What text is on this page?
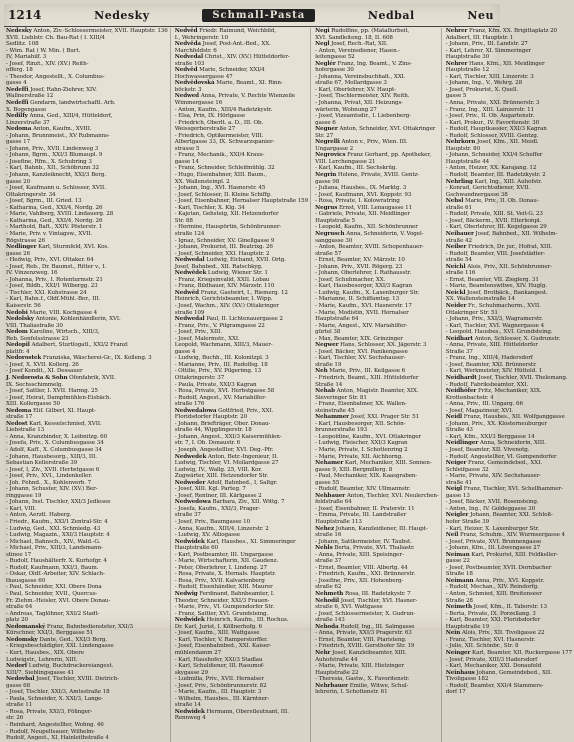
1214	Nedesky	Schmall-Pasta	Nedbal	Neu

Nedesky Anton, Ziv.-Schlossermeister, XVII. Hauptstr. 136

XVII. Lieblstr. Ch. Bau-Rat ( I. XIII/4

Sedlitz. 108

- Wim. Rat ( W. Min. ( Burt.

IV, Mariahilf. 3

- Josef, Rinzt., XIV. (XV.) Reith-

offerg. 18

- Theodor, Angestellt., X. Columbus-

gasse 4

Nedeffi Josef, Rahn-Ziehrer, XIV.

Wallnerstraße 12

Nedeffi Gendarm, landwirtschaftl. Arb.

X. Bogengasse

Nedilfy Anna, Ged., XIII/4, Hütteldorf,

Linzerstraße 37

Nedoma Anton, Kaufm., XVIII.

- Johann, Brunnmeist., XV Rubmanns-

gasse 17

- Johann, Priv., XVII. Lindenweg 3

- Johann, Bgrm., XXI/3 Blumaupl. 9

- Josefine, Rfm., X. Schubring 3

- Karl, Bahnb., XII., Schöbrunn 32

- Johann, Kanzleiknecht, XXI/3 Berg.

gasse 20

- Josef, Kaufmann u. Schlosser, XVII.

Ottakringerstr. 34

- Josef, Bgrm., III. Gried. 13

- Katharina, Ged., XXI/4, Nordg. 26

- Marie, Vahlberg, XVIII. Lindauerg. 28

- Katharina, Ged., XXI/4, Nordg. 26

- Marthold, Baft., XXIV. Pösterstr. 1

- Marie, Priv. v. Vintagsw., XVII.

Rögstrasse 26

Nedlinger Karl, Sturmfeld, XVI. Kos.

gasse 26

- Hedwig, Priv., XVI. Ottaker. 64

- Josef, Reb., Dr. Baumst., Ritter v., I.

IV. Vinzenzweg. 16

- Johanna, Priv., I. Rotenturmstr. 21

- Josef, Bildh., XXI/1 Wilbergg. 23

- Tischler, XXI. Kuhstrasse 24

- Karl, Bahn.f., Oldf.Mühl.-Ber., III.

Kaiserstr. 56

Nedobi Marie, VIII. Kochgasse 4

Nedolsky Antonie, Kohlenhändlerin, XVI.

VIII. Thaliastraße 30

Nedom Karoline, Wirtsch., XIII/3,

Reb. Sonfelsstrasse 23

Nedopil Adalbert, Sturtlogatl., XXI/2 Franzl

plattfr. 4

Nedorostek Franziska, Wäscherei-Gr., IX. Kolleng. 3

- Josef, X. XVII. Kollerg. 26

- Josef Kondit., XI. Dessauer

J. Nedorosta & Sohn Ofenfabrik, XVII.

IX. Sechsschimmelg.

- Josef, Sattler, I. XVII. Harmg. 25

- Josef, Heirat, Dampfmühlen-Eisbäch.

XIII. Kollergasse 50

Nedoma Elif. Gilberl, XI. Haupt-

straße 17

Nedost Karl, Kesselschmied, XVII.

Liebstraße 13

- Anna, Kranzbinder, X. Leibnitzg. 60

- Josefa, Priv., X. Columbusgasse 34

- Adolf, Kaff., X. Columbusgasse 34

- Johann, Hausbesorg., XIII/3, III.

Sebastian Kellerstraße 39

- Josef, I, Ziv., XVII. Herbstgasse 6

- Josef, Priv., XVI., Lindenkeller.

- Joh. Fehnd., X., Kohlenverb. 7

- Johann, Schuster, XIV. (XV.) Ber-

ringgasse 19

- Johann, Inst. Tischler, XXI/3 Jedlesee

- Karl, VIII.

- Anton, Aerztl. Haberg.

- Friedr., Kaufm., XXI/1 Zentral-Str. 4

- Ludwig, Ged., XXI. Schmiedg. 43

- Ludwig, Magazin., XXI/3 Hauptstr. 4

- Michael, Bahnsch., XIV., Wald.-G.

- Michael, Priv., XIII/3, Landsmann-

stinee 17

- Rudolf, Haushälterfr. X. Kurhofgr. 4

- Rudolf, Kaufmann, XXI/3, Baum.

- Oskar, Oldf.-Arbeiter, XIV. Schlach-

thausgasse 60

- Paul, Schneider, XXI. Obere Dona

- Paul, Schneider, XVII., Quercus-

Fr. Ziehm.-Heisler, XVI. Obere Donau-

straße 64

- Andreas, Taglöhner, XXI/2 Stadt-

platz 20

Nedomanský Franz, Bahnbediensteter, XXI/3

Kürschner, XXI/3, Berggasse 51

Nedomsky Dante, Ged., XXI/3 Berg.

- Kriegsbeschädigter, XXI. Lindengasse

- Kurt, Hausbes., XIX. Obere

Ludwigstr., Lehrerin, XIII.

Nedorf Ludwig, Buchdruckereiangest.

XIII/7, Sieblingsgasse 41

Nedovbal Josef, Tischler, XVIII. Dietrich-

gasse 68

- Josef, Tischler, XXI/3, Amtsstraße 18

- Paula, Schneider, X. XXI/3, Lange-

straße 11

- Rosa, Private, XXI/3, Fölinger-

str. 26

- Reinhard, Angestellter, Wohng. 46

- Rudolf, Neupeltsauer, Wilhelm-

Rudolf, Angest., XI, Hainleithstraße 4

Nedvěd Friedr. Raimund, Weichbild,

I., Wehringerstr. 10

Nedvěda Josef, Post-Ant.-Bed., XX.

Marchfeldstr. 6

Nedvedal Christ., XIV. (XV.) Hütteldorfer-

straße 103

Nedvěd Marie, Schneider, XXI/4

Hochwassergasse 47

Nedvědovská Marie, Beamt., XI. Rinn-

böckstr. 3

Nedwed Anna, Private, V. Rechte Wienzeile

Wimmergasse 16

- Anton, Kaufm., XIII/4 Radetzkystr.

- Elsa, Prin, IX. Hörlgasse

- Friedrich, Oberlt. a. D., III. Ob.

Weissgerberstraße 27

- Friedrich, Optikermeister, VIII.

Albertgasse 33, IX. Schwarzspanier-

strasse 5

- Franz, Mechanik., XXI/4 Kraus-

gasse 14

- Franz, Schneider, Schleifmühlg. 32

- Hugo, Eisenbahner, XIII. Baum.,

XX. Wallensteinpl. 2

- Johann, Ing., XVI. Hasnerstr. 45

- Josef, Schlosser, II. Kleine Schiffg.

- Josef, Eisenbahner, Hernalser Hauptstraße 159

- Karl, Tischler, X. Klg. 34

- Kajetan, Gehsteig, XII. Hetzendorfer

Str. 88

- Hermine, Hauspörtin, Schönbrunner-

straße 124

- Ignaz, Schneider, XV. Ginellgasse 9

- Johann, Prokurist, III. Beatrixg. 26

- Josef, Schneider, XXI. Hauptstr. 2

Nedwedal Ludwig, Eichamt, XVII. Ortg.

Josef, Bahnbed., XII. Ratschkyg.

Nedwědek Ludwig, Wiener Str. 1

- Franz, Kriegsinvalid, XXII. Lobau

- Franz, Bildhauer, XIV. Märzstr. 110

Nedwěd Franz, Gastwirt, I., Riemerg. 12

Heinrich, Gerichtsbeamter, I. Wipp.

- Josef, Wachm., XIV. (XV.) Ottakringer

straße 109

Nedwedal Paul, II. Lichtenauergasse 2

- Franz, Priv., V. Pilgramgasse 22

- Josef, Priv., XIII.

- Josef, Malermstr., XXI.

Leopold, Wachmann, XIII/3, Mauer-

gasse 4

- Ludwig, Buchh., III. Kolonitzpl. 3

- Marianne, Priv., III. Rudolfsg. 18

- Ottilie, Priv., XV. Pilgerimg. 13

Ottakringerstr. 37

- Paula, Private, XXI/3 Kagran

- Rosa, Private, XVI. Herbstgasse 58

- Rudolf, Angest., XV. Mariahilfer-

straße 176

Nedwedalowa Gottfried, Priv., XXI.

Floridsdorfer Hauptstr. 20

- Johann, Briefträger, Ober. Donau-

straße 44, Wipplingerstr. 18

- Johann, Angest., XXI/3 Kaisermühlen-

str. 7, I. Ob. Donaustr. 6

- Joseph, Angestellter, XVI. Deg.-Pfr.

Nedwedek Anton, Betr.-Ingeniеur, II.

Ludwig, Tischler, VI. Mollardgasse 27

Ludwig, IV., Wallg. 25, VIII. Kor.

Zugwärter, XIII. Hetzendorfer Str.

Nedweder Adolf, Bahnbed., I, Saltgr.

- Josef, XIII. Kgl. Parteg. 7

- Josef, Rentner, III. Kärlgasse 2

Nedwedowa Barbara, Ziv., XII. Wittg. 7

- Josefa, Kaufm., XXI/3, Prager-

straße 37

- Josef, Priv., Baumgasse 10

- Anna, Kaufm., XIII/4, Linzerstr. 2

- Ludwig, XV. Alliogasse

Nedwidek Karl, Hausbes., XI. Simmeringer

Hauptstraße 60

- Karl, Postbeamter, III. Ungargasse

- Marie, Wirtschafterin, XII. Gaudenz.

- Peter, Oberlehrer, I. Lindeng. 27

- Rosa, Private, X. Hernals. Hauptstr.

- Rosa, Priv., XVII. Kalvarienberg

- Rudolf, Eisenhändler, XIII. Maurer

Nedwig Ferdinand, Bahnbeamter, I.

Theodor, Schneider, XXI/3 Frauen-

- Marie, Priv., VI. Gumpendorfer Str.

- Franz, Sattler, XVI. Grundsteing.

Nedwidek Heinrich, Kaufm., III. Rochus.

Dr. Karl, Jurist, I. Köllnerhofg. 6

- Josef, Kaufm., XIII. Wattgasse

- Karl, Tischler, V. Ramperstorffer.

- Josef, Eisenbahnbed., XXI. Kaiser-

mühlendamm 27

- Karl, Haushofer, XXI/3 Stadlau

- Karl, Schuldiener, III. Rasumof-

skygasse 29

- Ludmilla, Priv., XVII. Hernalser

- Josef, Priv., Schönbrunnerstr. 82

- Marie, Kaufm., III. Hauptstr. 3

- Wilhelm, Hausbes., III. Kärntner-

straße 14

Nedwidek Hermann, Oberstleutnant, III.

Rennweg 4

Negi Rudolfine, pp. (Matallurbeit,

XVI. Sandleiteng. 18, II. 608

Negl Josef, Rech.-Rat, XII.

- Anton, Vereinsdiener, Hasen.-

leitengasse 52

Neglér Franz, Ing. Beamt., V. Zins-

hofergasse 30

- Johanna, Vereinsbuchhalt., XXI.

straße 67, Mollardgasse 3

- Karl, Oberlehrer, XV. Haupt-

- Josef, Tischlermeister, XIV. Reith.

- Johanna, Privat, XII. Heizungs-

wärterin, Wohnung 27

- Josef, Vizeamtsdir., I. Liebenberg-

gasse 6

Negner Anton, Schneider, XVI. Ottakringer

Str. 27

Negrelli Anton v., Priv., Wien. III.

Ungargasse 2

Negrovics Franz Gerhard, pp. Apotheker,

VIII. Lerchengasse 21

- Karl, Kaufm., III. Sechskrüg.

Negrin Helene, Private, XVIII. Gentz-

gasse 98

- Juliana, Hausbes., IX. Marktg. 3

- Josef, Kaufmann, XVI. Koppstr. 93

- Rosa, Private, I. Kolowratring

Negrus Ernst, VIII. Lenaugasse 11

- Gabriele, Private, XII. Meidlinger

Hauptstraße 5

- Leopold, Kaufm., XII. Schönbrunner

Negrusch Anna, Schneiderin, V. Vogel-

sanggasse 30

- Anton, Beamter, XVIII. Schopenhauer-

straße 57

- Ernst, Beamter, XV. Märzstr. 10

- Johann, Priv., XVII. Rögerg. 23

- Johann, Oberlehrer, I. Rathausstr.

- Josef, Schuhmacher, XX.

- Karl, Hausbesorger, XXI/3 Kagran

- Ludwig, Kaufm., X. Laxenburger Str.

- Marianne, II. Schiffamtsg. 13

- Marie, Kaufm., XVI. Hasnerstr. 17

- Marie, Modistin, XVII. Hernalser

Hauptstraße 64

- Marie, Angest., XIV. Mariahilfer-

gürtel 38

- Max, Beamter, XIX. Grinzinger

Negwer Hans, Schlosser, XX. Jägerstr. 3

- Josef, Bäcker, XVI. Panikengasse

- Karl, Tischler, XV. Sechshauser-

straße 19

Neh Marie, Priv., III. Keilgasse 6

- Friedrich, Beamt., XIII. Hütteldorfer

Straße 14

Nehab Anton, Magistr. Beamter, XIX.

Sieveringer Str. 81

- Franz, Eisenbahner, XX. Wallen-

steinstraße 45

Nehammer Josef, XXI. Prager Str. 51

- Karl, Hausbesorger, XII. Schön-

brunnerstraße 193

- Leopoldine, Kaufm., XVI. Ottakringer

- Ludwig, Fleischer, XXI/3 Kagran

- Marie, Private, I. Schottenring 2

- Marie, Private, XII. Aichhorng.

Nehamer Karl, Mechaniker, XIII. Sonnen-

gasse 9, XIII. Bergmillerg. 8

- Paul, Mechaniker, XIX. Kaasgraben-

gasse 55

- Rudolf, Beamter, XIV. Ullmannstr.

Nehbauer Anton, Tischler, XVI. Neulerchen-

feldstraße 64

- Josef, Eisenbahner, II. Praterstr. 11

- Emma, Private, III. Landstraßer

Hauptstraße 113

Nehez Johann, Kanzleidiener, III. Haupt-

straße 16

- Johann, Sattlermeister, IV. Taubst.

Nehls Berta, Private, XVI. Thaliastr.

- Anna, Private, XIII. Speisinger-

straße 37

- Ernst, Beamter, VIII. Albertg. 44

- Friedrich, Kaufm., XXI. Brünnerstr.

- Josefine, Priv., XII. Hohenberg-

straße 62

Nehmeth Rosa, III. Radetzkystr. 7

Nehodil Josef, Tischler, XVI. Hasner-

straße 6, XVI. Wattgasse

- Josef, Schlossermeister, X. Gudrun-

straße 143

Nehoda Rudolf, Ing., III. Salmgasse

- Anna, Private, XXI/3 Pragerstr. 63

- Ernst, Beamter, VIII. Piaristeng.

- Friedrich, XVIII. Gersthofer Str. 19

Nehr Josef, Kanzleibeamter, XIII.

Auhofstraße 44

- Marie, Private, XIII. Hietzinger

Hauptstraße 22

- Theresia, Gastw., X. Favoritenstr.

Nehrbauer Emilie, Witwe, Schul-

lehrerin, I. Schottenstr. 61

Nehrer Franz, Kfm. XX. Brigittaplatz 20

Adalbert, III. Hauptstr. 1

- Johann, Priv., III. Landstr. 27

- Karl, Lehrer, XI. Simmeringer

Hauptstraße 30

Nehrer Hans, Kfm., XII. Meidlinger

Hauptstraße 12

- Karl, Tischler, XIII. Linzerstr. 3

- Johann, Ing., V., Wehrg. 28

- Josef, Prokurist, X. Quell.

gasse 5

- Anna, Private, XXI. Brünnerstr. 3

- Franz, Ing., XIII. Lainzerstr. 11

- Josef, Priv., II. Ob. Augartenstr.

- Karl, Prokur., IV. Favoritenstr. 30

- Rudolf, Hauptkassier, XXI/3 Kagran

- Rudolf, Schlosser, XVIII. Gentzg.

Nehrkorn Josef, Kfm., XII. Meidl.

Hauptstr. 80

- Johann, Schneider, XXI/4 Scheffer

Hauptstraße 44

- Anton, Heizer, XX. Karajang. 12

- Rudolf, Beamter, III. Radetzkystr. 2

Nehrling Karl, Ing., XIII. Auhofstr.

- Konrad, Gerichtsdiener, XVII.

Gschwandnergasse 38

Nehsl Marie, Priv., II. Ob. Donau-

straße 61

- Rudolf, Private, XIII. St. Veit-G. 23

- Josef, Bäckerm., XVII. Elterleinpl.

- Karl, Oberlehrer, III. Kegelgasse 29

Neibauer Josef, Bahnbed., XII. Wilhelm-

straße 42

Neiber Friedrich, Dr. jur., Hofrat, XIII.

- Rudolf, Beamter, VIII. Josefstädter-

straße 54

Neichl Alois, Priv., XII. Schönbrunner-

straße 116

- Ernst, Beamter, VII. Zieglerg. 31

- Marie, Beamtenswitwe, XIV. Huglg.

Neickl Josef, Brotbäck., Bankangest.

XX. Wallensteinstraße 14

Neider Fr., Schuhmacherm., XVII.

Ottakringer Str. 51

- Johann, Priv., XXI/3, Wagramerstr.

- Karl, Tischler, XVI. Wagnergasse 4

- Leopold, Hausbes., XVI. Grundsteing.

Neidhart Anton, Schlosser, X. Gudrunstr.

- Anna, Private, XIII. Hütteldorfer

Straße 37

- Franz, Ing., XIII/4, Hadersdorf

- Josef, Beamter, XXI. Brünnerstr.

- Karl, Werkmeister, XIV. Hütteld. 1

Neidhardt Josef, Tischler, XVII. Thelemang.

- Rudolf, Fabriksbeamter, XXI.

Neidhöfer Fritz, Mechaniker, XIX.

Krottenbachstr. 4

- Anna, Priv., III. Ungarg. 66

- Josef, Magazineur, XVI.

Neidl Franz, Hausbes., XII. Wolfganggasse

- Johann, Priv., XX. Klosterneuburger

Straße 43

- Karl, Kfm., XXI/3 Berggasse 14

Neidlinger Anna, Schneiderin, XIII.

- Josef, Beamter, XII. Vivenotg.

- Rudolf, Angestellter, VI. Gumpendorfer

Neiger Franz, Gemeindebed., XXI.

Schleifgasse 32

- Marie, Private, XIV. Sechshauser-

straße 41

Neigl Franz, Tischler, XVI. Schellhammer-

gasse 13

- Josef, Bäcker, XVII. Rosensteing.

- Anton, Ing., IV. Goldeggasse 30

Neigler Johann, Beamter, XXI. Schloß-

hofer Straße 39

- Karl, Heizer, X. Laxenburger Str.

Neil Franz, Schuhm., XIV. Wurmsergasse 4

- Josef, Private, XVI. Brunnengasse

- Johann, Kfm., III. Löwengasse 27

Neiman Karl, Prokurist, XIII. Feldkeller-

gasse 22

- Josef, Postbeamter, XVII. Dornbacher

Straße 18

Neimann Anna, Priv., XVI. Koppstr.

- Rudolf, Mechan., XIV. Reindorfg.

- Anton, Schmied, XIII. Breitenseer

Straße 28

Neimeth Josef, Kfm., II. Taborstr. 13

- Berta, Private, IX. Porzellang. 3

- Karl, Beamter, XXI. Floridsdorfer

Hauptstraße 19

Nein Alois, Priv., XII. Tivoligasse 22

- Franz, Tischler, XVI. Hasnerstr.

- Julie, XII. Schönbr., Str. 8

Neinger Karl, Beamter, XII. Ruckergasse 177

- Josef, Private, XIII/3 Hadersdorf

- Karl, Mechaniker, XXI. Donaufeld

Neinhaus Johann, Gemeindebed., XII.

Tivoligasse 182

- Rudolf, Beamter, XXI/4 Stammers-

dorf 17
